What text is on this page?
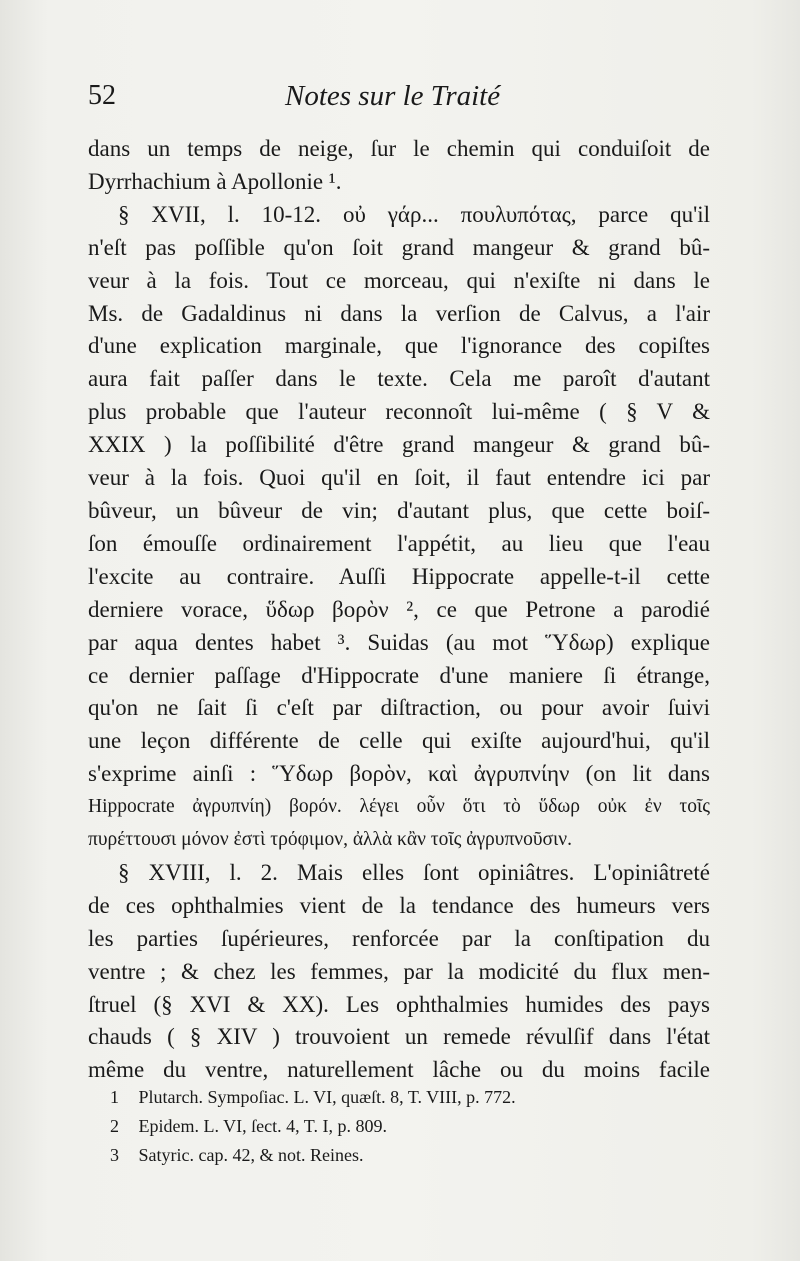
52	Notes sur le Traité
dans un temps de neige, ſur le chemin qui conduiſoit de
Dyrrhachium à Apollonie ¹.
§ XVII, l. 10-12. οὐ γάρ... πουλυπότας, parce qu'il
n'eſt pas poſſible qu'on ſoit grand mangeur & grand bû-
veur à la fois. Tout ce morceau, qui n'exiſte ni dans le
Ms. de Gadaldinus ni dans la verſion de Calvus, a l'air
d'une explication marginale, que l'ignorance des copiſtes
aura fait paſſer dans le texte. Cela me paroît d'autant
plus probable que l'auteur reconnoît lui-même ( § V &
XXIX ) la poſſibilité d'être grand mangeur & grand bû-
veur à la fois. Quoi qu'il en ſoit, il faut entendre ici par
bûveur, un bûveur de vin; d'autant plus, que cette boiſ-
ſon émouſſe ordinairement l'appétit, au lieu que l'eau
l'excite au contraire. Auſſi Hippocrate appelle-t-il cette
derniere vorace, ὕδωρ βορὸν ², ce que Petrone a parodié
par aqua dentes habet ³. Suidas (au mot Ὕδωρ) explique
ce dernier paſſage d'Hippocrate d'une maniere ſi étrange,
qu'on ne ſait ſi c'eſt par diſtraction, ou pour avoir ſuivi
une leçon différente de celle qui exiſte aujourd'hui, qu'il
s'exprime ainſi : Ὕδωρ βορὸν, καὶ ἀγρυπνίην (on lit dans
Hippocrate ἀγρυπνίη) βορόν. λέγει οὖν ὅτι τὸ ὕδωρ οὐκ ἐν τοῖς
πυρέττουσι μόνον ἐστὶ τρόφιμον, ἀλλὰ κἂν τοῖς ἀγρυπνοῦσιν.
§ XVIII, l. 2. Mais elles ſont opiniâtres. L'opiniâtreté
de ces ophthalmies vient de la tendance des humeurs vers
les parties ſupérieures, renforcée par la conſtipation du
ventre ; & chez les femmes, par la modicité du flux men-
ſtruel (§ XVI & XX). Les ophthalmies humides des pays
chauds ( § XIV ) trouvoient un remede révulſif dans l'état
même du ventre, naturellement lâche ou du moins facile
1 Plutarch. Sympoſiac. L. VI, quæſt. 8, T. VIII, p. 772.
2 Epidem. L. VI, ſect. 4, T. I, p. 809.
3 Satyric. cap. 42, & not. Reines.
